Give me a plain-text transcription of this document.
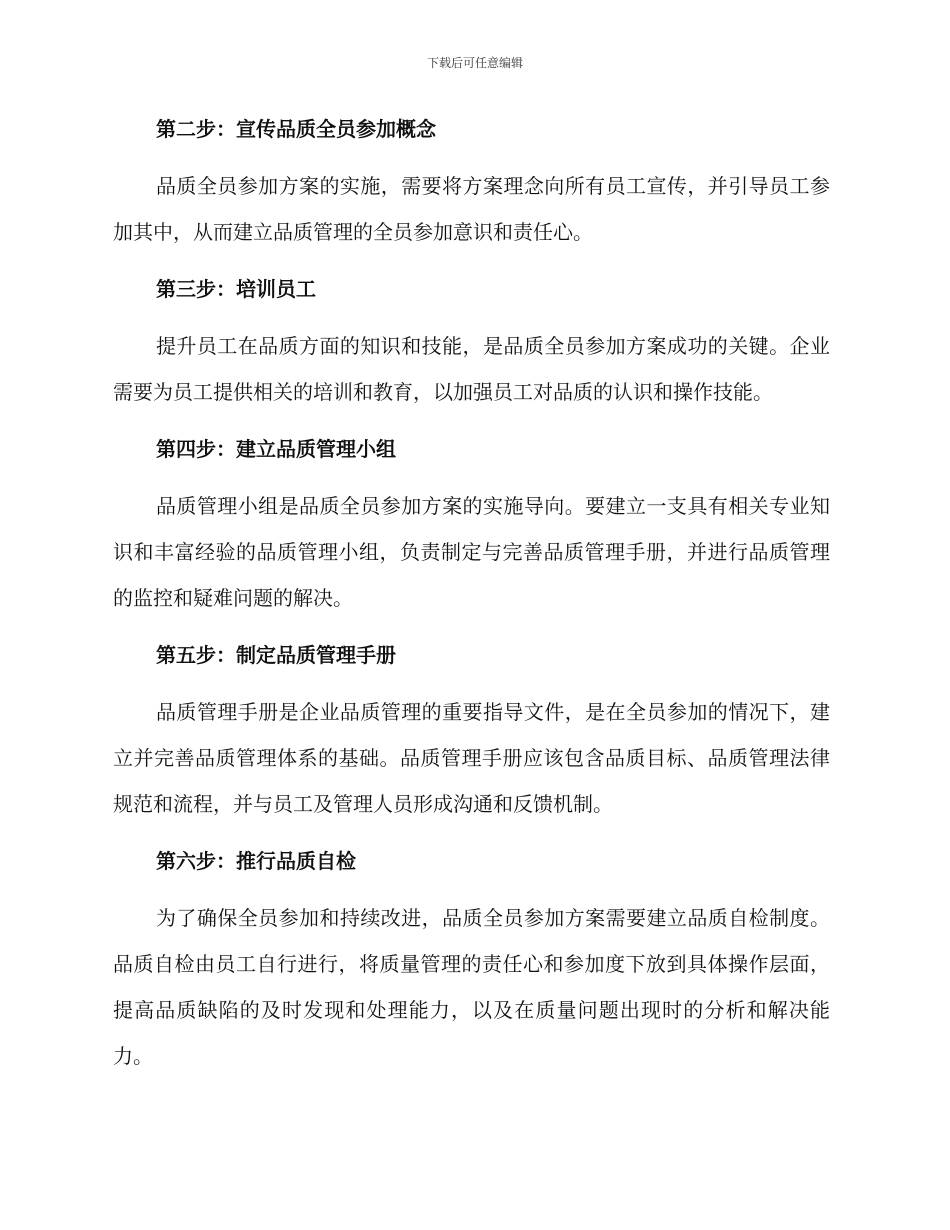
下载后可任意编辑
第二步：宣传品质全员参加概念

品质全员参加方案的实施，需要将方案理念向所有员工宣传，并引导员工参加其中，从而建立品质管理的全员参加意识和责任心。

第三步：培训员工

提升员工在品质方面的知识和技能，是品质全员参加方案成功的关键。企业需要为员工提供相关的培训和教育，以加强员工对品质的认识和操作技能。

第四步：建立品质管理小组

品质管理小组是品质全员参加方案的实施导向。要建立一支具有相关专业知识和丰富经验的品质管理小组，负责制定与完善品质管理手册，并进行品质管理的监控和疑难问题的解决。

第五步：制定品质管理手册

品质管理手册是企业品质管理的重要指导文件，是在全员参加的情况下，建立并完善品质管理体系的基础。品质管理手册应该包含品质目标、品质管理法律规范和流程，并与员工及管理人员形成沟通和反馈机制。

第六步：推行品质自检

为了确保全员参加和持续改进，品质全员参加方案需要建立品质自检制度。品质自检由员工自行进行，将质量管理的责任心和参加度下放到具体操作层面，提高品质缺陷的及时发现和处理能力，以及在质量问题出现时的分析和解决能力。
